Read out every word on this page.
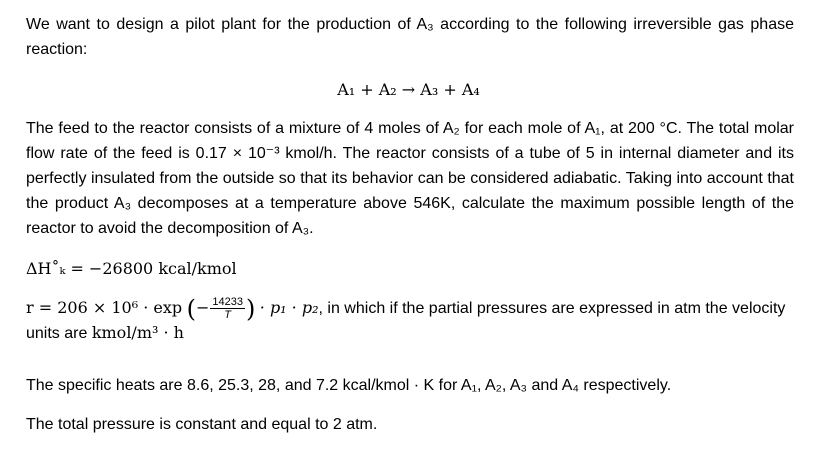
We want to design a pilot plant for the production of A₃ according to the following irreversible gas phase reaction:

A₁ + A₂ → A₃ + A₄

The feed to the reactor consists of a mixture of 4 moles of A₂ for each mole of A₁, at 200 °C. The total molar flow rate of the feed is 0.17 × 10⁻³ kmol/h. The reactor consists of a tube of 5 in internal diameter and its perfectly insulated from the outside so that its behavior can be considered adiabatic. Taking into account that the product A₃ decomposes at a temperature above 546K, calculate the maximum possible length of the reactor to avoid the decomposition of A₃.

ΔH˚ₖ = −26800 kcal/kmol
r = 206 × 10⁶ · exp (− $\frac{14233}{T}$ ) · p₁ · p₂, in which if the partial pressures are expressed in atm the velocity units are kmol/m³ · h

The specific heats are 8.6, 25.3, 28, and 7.2 kcal/kmol · K for A₁, A₂, A₃ and A₄ respectively.

The total pressure is constant and equal to 2 atm.
